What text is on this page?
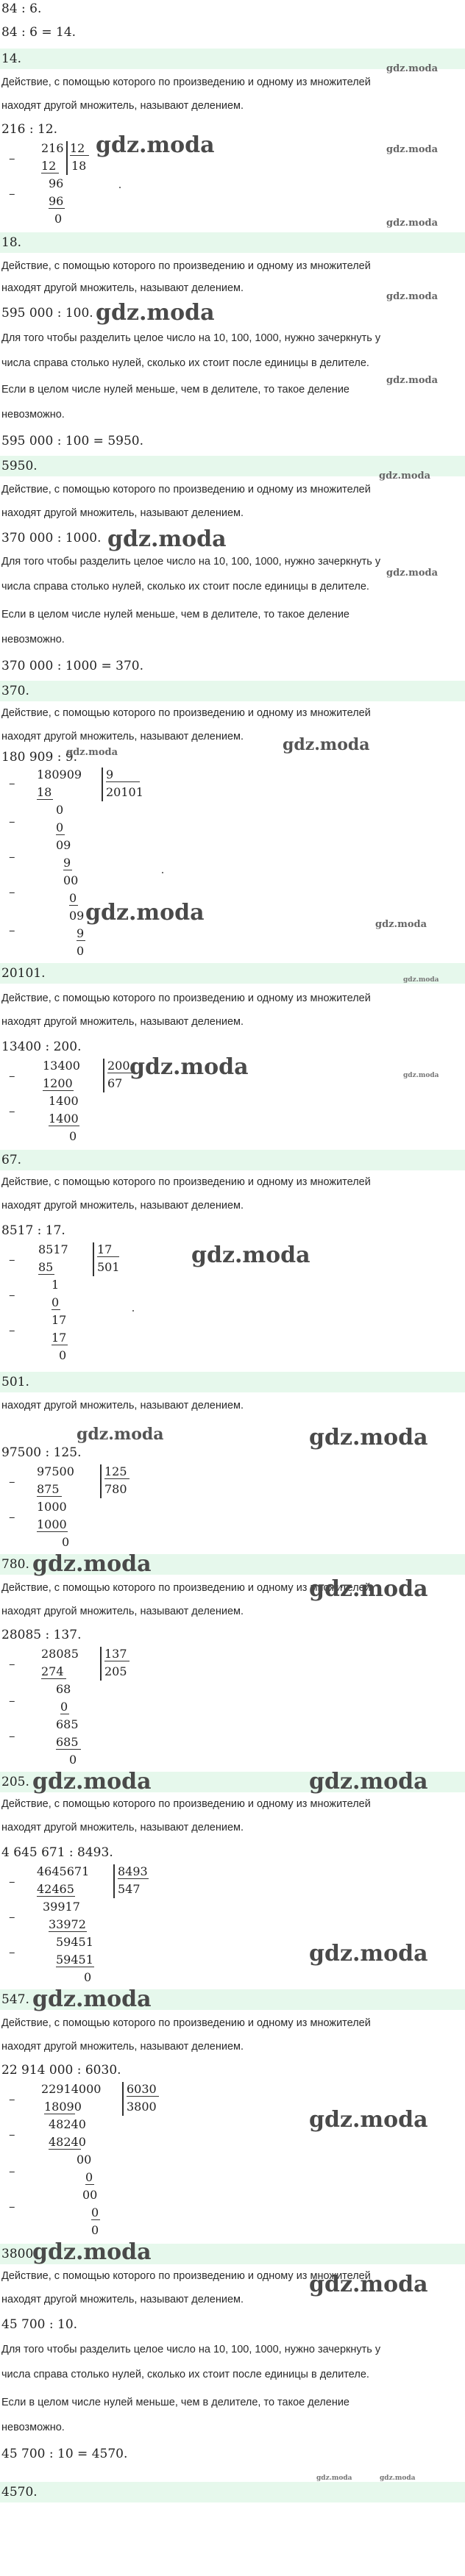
84 : 6.
84 : 6 = 14.
14.
gdz.moda
Действие, с помощью которого по произведению и одному из множителей
находят другой множитель, называют делением.
216 : 12.
216 12
18
– 12
96
–	96
0
gdz.moda	gdz.moda
gdz.moda
18.
Действие, с помощью которого по произведению и одному из множителей
находят другой множитель, называют делением.
gdz.moda
595 000 : 100. gdz.moda
Для того чтобы разделить целое число на 10, 100, 1000, нужно зачеркнуть у
числа справа столько нулей, сколько их стоит после единицы в делителе.
gdz.moda
Если в целом числе нулей меньше, чем в делителе, то такое деление
невозможно.
595 000 : 100 = 5950.
5950.
gdz.moda
Действие, с помощью которого по произведению и одному из множителей
находят другой множитель, называют делением.
370 000 : 1000. gdz.moda
Для того чтобы разделить целое число на 10, 100, 1000, нужно зачеркнуть у
числа справа столько нулей, сколько их стоит после единицы в делителе.
gdz.moda
Если в целом числе нулей меньше, чем в делителе, то такое деление
невозможно.
370 000 : 1000 = 370.
370.
Действие, с помощью которого по произведению и одному из множителей
находят другой множитель, называют делением. gdz.moda
180 909 : 9.
gdz.moda
180909 9
20101
–
18
0
–	0
09
–	9
00
–	0
09
–	9
0
gdz.moda	gdz.moda
20101.	gdz.moda
Действие, с помощью которого по произведению и одному из множителей
находят другой множитель, называют делением.
13400 : 200.
13400 200
67
– 1200
1400
–	1400
0
gdz.moda	gdz.moda
67.
Действие, с помощью которого по произведению и одному из множителей
находят другой множитель, называют делением.
8517 : 17.
8517 17
501
– 85
1
–	0
17
–	17
0
gdz.moda
501.
находят другой множитель, называют делением.
gdz.moda	gdz.moda
97500 : 125.
97500	125
780
– 875
1000
– 1000
0
780. gdz.moda
Действие, с помощью которого по произведению и одному из множителей
gdz.moda
находят другой множитель, называют делением.
28085 : 137.
28085 137
205
– 274
68
–	0
685
–	685
0
205. gdz.moda	gdz.moda
Действие, с помощью которого по произведению и одному из множителей
находят другой множитель, называют делением.
4 645 671 : 8493.
4645671 8493
547
– 42465
39917
–	33972
59451
–	59451
0
gdz.moda
547. gdz.moda
Действие, с помощью которого по произведению и одному из множителей
находят другой множитель, называют делением.
22 914 000 : 6030.
22914000 6030
3800
– 18090
48240
–	48240
00
–	0
00
–	0
0
gdz.moda
3800.
gdz.moda
Действие, с помощью которого по произведению и одному из множителей
gdz.moda
находят другой множитель, называют делением.
45 700 : 10.
Для того чтобы разделить целое число на 10, 100, 1000, нужно зачеркнуть у
числа справа столько нулей, сколько их стоит после единицы в делителе.
Если в целом числе нулей меньше, чем в делителе, то такое деление
невозможно.
45 700 : 10 = 4570.
gdz.moda	gdz.moda
4570.
